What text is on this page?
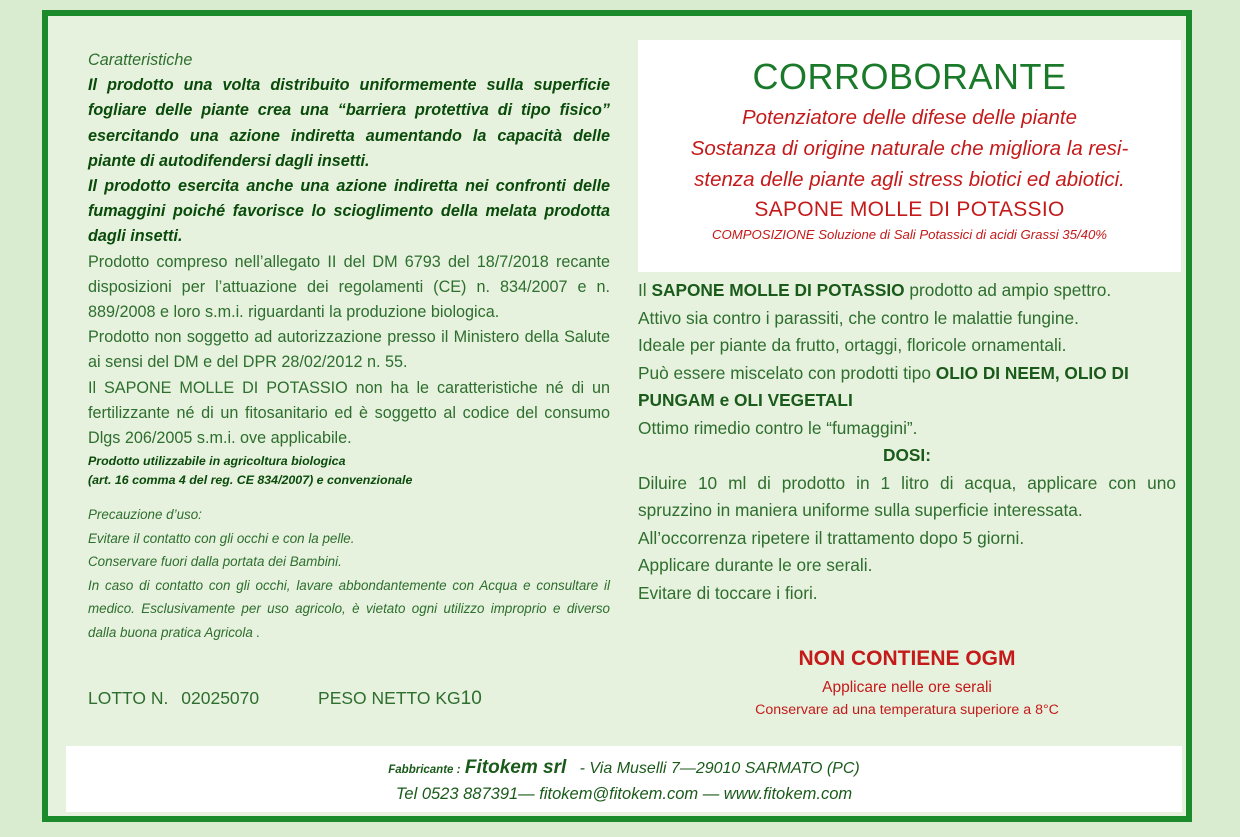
Caratteristiche

Il prodotto una volta distribuito uniformemente sulla superficie fogliare delle piante crea una “barriera protettiva di tipo fisico” esercitando una azione indiretta aumentando la capacità delle piante di autodifendersi dagli insetti.

Il prodotto esercita anche una azione indiretta nei confronti delle fumaggini poiché favorisce lo scioglimento della melata prodotta dagli insetti.

Prodotto compreso nell’allegato II del DM 6793 del 18/7/2018 recante disposizioni per l’attuazione dei regolamenti (CE) n. 834/2007 e n. 889/2008 e loro s.m.i. riguardanti la produzione biologica.

Prodotto non soggetto ad autorizzazione presso il Ministero della Salute ai sensi del DM e del DPR 28/02/2012 n. 55.

Il SAPONE MOLLE DI POTASSIO non ha le caratteristiche né di un fertilizzante né di un fitosanitario ed è soggetto al codice del consumo Dlgs 206/2005 s.m.i. ove applicabile.

Prodotto utilizzabile in agricoltura biologica

(art. 16 comma 4 del reg. CE 834/2007) e convenzionale

Precauzione d’uso:
Evitare il contatto con gli occhi e con la pelle.
Conservare fuori dalla portata dei Bambini.
In caso di contatto con gli occhi, lavare abbondantemente con Acqua e consultare il medico. Esclusivamente per uso agricolo, è vietato ogni utilizzo improprio e diverso dalla buona pratica Agricola .
LOTTO N. 02025070	PESO NETTO KG10
CORROBORANTE
Potenziatore delle difese delle piante
Sostanza di origine naturale che migliora la resi-
stenza delle piante agli stress biotici ed abiotici.
SAPONE MOLLE DI POTASSIO
COMPOSIZIONE Soluzione di Sali Potassici di acidi Grassi 35/40%

Il SAPONE MOLLE DI POTASSIO prodotto ad ampio spettro.

Attivo sia contro i parassiti, che contro le malattie fungine.

Ideale per piante da frutto, ortaggi, floricole ornamentali.

Può essere miscelato con prodotti tipo OLIO DI NEEM, OLIO DI PUNGAM e OLI VEGETALI

Ottimo rimedio contro le “fumaggini”.

DOSI:

Diluire 10 ml di prodotto in 1 litro di acqua, applicare con uno spruzzino in maniera uniforme sulla superficie interessata.

All’occorrenza ripetere il trattamento dopo 5 giorni.

Applicare durante le ore serali.

Evitare di toccare i fiori.

NON CONTIENE OGM
Applicare nelle ore serali
Conservare ad una temperatura superiore a 8°C
Fabbricante : Fitokem srl   - Via Muselli 7—29010 SARMATO (PC)
Tel 0523 887391— fitokem@fitokem.com — www.fitokem.com
